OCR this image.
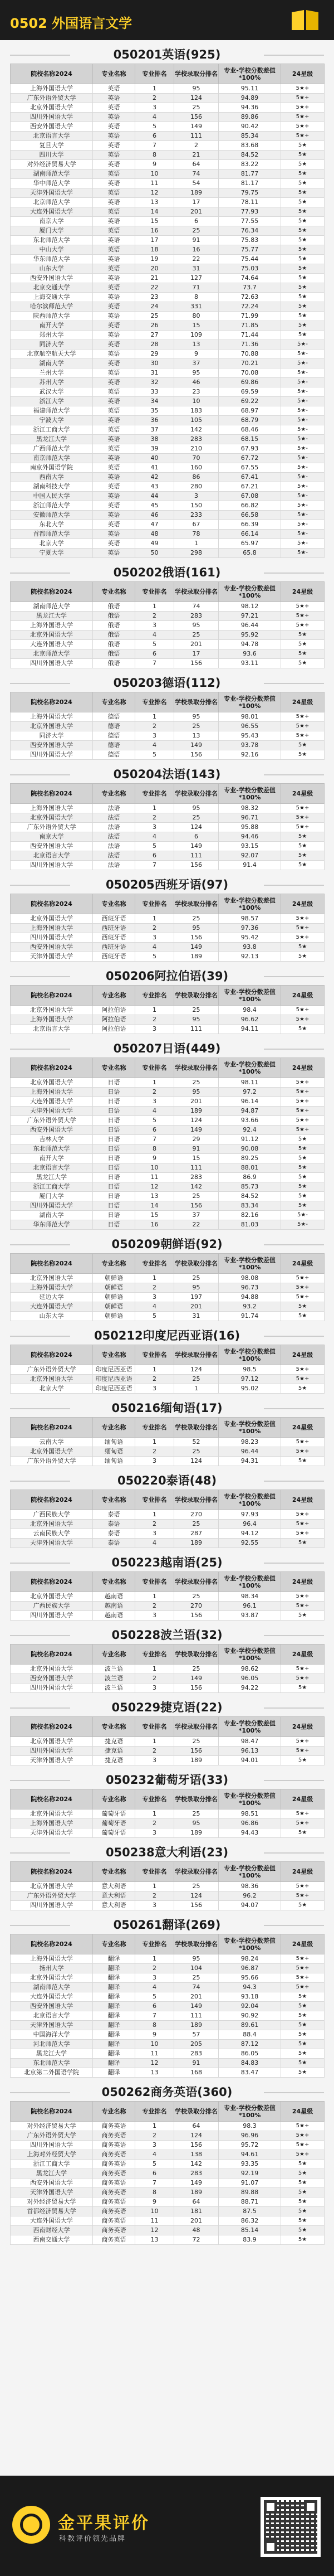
0502 外国语言文学
050201英语(925)
院校名称2024	专业名称	专业排名	学校录取分排名	专业-学校分数差值*100%	24星级
上海外国语大学	英语	1	95	95.11	5★+
广东外语外贸大学	英语	2	124	94.89	5★+
北京外国语大学	英语	3	25	94.36	5★+
四川外国语大学	英语	4	156	89.86	5★+
西安外国语大学	英语	5	149	90.42	5★+
北京语言大学	英语	6	111	85.34	5★+
复旦大学	英语	7	2	83.68	5★
四川大学	英语	8	21	84.52	5★
对外经济贸易大学	英语	9	64	83.22	5★
湖南师范大学	英语	10	74	81.77	5★
华中师范大学	英语	11	54	81.17	5★
天津外国语大学	英语	12	189	79.75	5★
北京师范大学	英语	13	17	78.11	5★
大连外国语大学	英语	14	201	77.93	5★
南京大学	英语	15	6	77.55	5★
厦门大学	英语	16	25	76.34	5★
东北师范大学	英语	17	91	75.83	5★
中山大学	英语	18	16	75.77	5★
华东师范大学	英语	19	22	75.44	5★
山东大学	英语	20	31	75.03	5★
西安外国语大学	英语	21	127	74.64	5★
北京交通大学	英语	22	71	73.7	5★
上海交通大学	英语	23	8	72.63	5★
哈尔滨师范大学	英语	24	331	72.24	5★
陕西师范大学	英语	25	80	71.99	5★
南开大学	英语	26	15	71.85	5★
郑州大学	英语	27	109	71.44	5★
同济大学	英语	28	13	71.36	5★-
北京航空航天大学	英语	29	9	70.88	5★-
湖南大学	英语	30	37	70.21	5★-
兰州大学	英语	31	95	70.08	5★-
苏州大学	英语	32	46	69.86	5★-
武汉大学	英语	33	23	69.59	5★-
浙江大学	英语	34	10	69.22	5★-
福建师范大学	英语	35	183	68.97	5★-
宁波大学	英语	36	105	68.79	5★-
浙江工商大学	英语	37	142	68.46	5★-
黑龙江大学	英语	38	283	68.15	5★-
广西师范大学	英语	39	210	67.93	5★-
南京师范大学	英语	40	70	67.72	5★-
南京外国语学院	英语	41	160	67.55	5★-
西南大学	英语	42	86	67.41	5★-
湖南科技大学	英语	43	280	67.21	5★-
中国人民大学	英语	44	3	67.08	5★-
浙江师范大学	英语	45	150	66.82	5★-
安徽师范大学	英语	46	233	66.58	5★-
东北大学	英语	47	67	66.39	5★-
首都师范大学	英语	48	78	66.14	5★-
北京大学	英语	49	1	65.97	5★-
宁夏大学	英语	50	298	65.8	5★-
050202俄语(161)
院校名称2024	专业名称	专业排名	学校录取分排名	专业-学校分数差值*100%	24星级
湖南师范大学	俄语	1	74	98.12	5★+
黑龙江大学	俄语	2	283	97.21	5★+
上海外国语大学	俄语	3	95	96.44	5★+
北京外国语大学	俄语	4	25	95.92	5★
大连外国语大学	俄语	5	201	94.78	5★
北京师范大学	俄语	6	17	93.6	5★
四川外国语大学	俄语	7	156	93.11	5★
050203德语(112)
院校名称2024	专业名称	专业排名	学校录取分排名	专业-学校分数差值*100%	24星级
上海外国语大学	德语	1	95	98.01	5★+
北京外国语大学	德语	2	25	96.55	5★+
同济大学	德语	3	13	95.43	5★+
西安外国语大学	德语	4	149	93.78	5★
四川外国语大学	德语	5	156	92.16	5★
050204法语(143)
院校名称2024	专业名称	专业排名	学校录取分排名	专业-学校分数差值*100%	24星级
上海外国语大学	法语	1	95	98.32	5★+
北京外国语大学	法语	2	25	96.71	5★+
广东外语外贸大学	法语	3	124	95.88	5★+
南京大学	法语	4	6	94.46	5★
西安外国语大学	法语	5	149	93.15	5★
北京语言大学	法语	6	111	92.07	5★
四川外国语大学	法语	7	156	91.4	5★
050205西班牙语(97)
院校名称2024	专业名称	专业排名	学校录取分排名	专业-学校分数差值*100%	24星级
北京外国语大学	西班牙语	1	25	98.57	5★+
上海外国语大学	西班牙语	2	95	97.36	5★+
四川外国语大学	西班牙语	3	156	95.42	5★+
西安外国语大学	西班牙语	4	149	93.8	5★
天津外国语大学	西班牙语	5	189	92.13	5★
050206阿拉伯语(39)
院校名称2024	专业名称	专业排名	学校录取分排名	专业-学校分数差值*100%	24星级
北京外国语大学	阿拉伯语	1	25	98.4	5★+
上海外国语大学	阿拉伯语	2	95	96.62	5★+
北京语言大学	阿拉伯语	3	111	94.11	5★
050207日语(449)
院校名称2024	专业名称	专业排名	学校录取分排名	专业-学校分数差值*100%	24星级
北京外国语大学	日语	1	25	98.11	5★+
上海外国语大学	日语	2	95	97.2	5★+
大连外国语大学	日语	3	201	96.14	5★+
天津外国语大学	日语	4	189	94.87	5★+
广东外语外贸大学	日语	5	124	93.66	5★+
西安外国语大学	日语	6	149	92.4	5★+
吉林大学	日语	7	29	91.12	5★
东北师范大学	日语	8	91	90.08	5★
南开大学	日语	9	15	89.25	5★
北京语言大学	日语	10	111	88.01	5★
黑龙江大学	日语	11	283	86.9	5★
浙江工商大学	日语	12	142	85.73	5★
厦门大学	日语	13	25	84.52	5★
四川外国语大学	日语	14	156	83.34	5★
湖南大学	日语	15	37	82.16	5★-
华东师范大学	日语	16	22	81.03	5★-
050209朝鲜语(92)
院校名称2024	专业名称	专业排名	学校录取分排名	专业-学校分数差值*100%	24星级
北京外国语大学	朝鲜语	1	25	98.08	5★+
上海外国语大学	朝鲜语	2	95	96.73	5★+
延边大学	朝鲜语	3	197	94.88	5★+
大连外国语大学	朝鲜语	4	201	93.2	5★
山东大学	朝鲜语	5	31	91.74	5★
050212印度尼西亚语(16)
院校名称2024	专业名称	专业排名	学校录取分排名	专业-学校分数差值*100%	24星级
广东外语外贸大学	印度尼西亚语	1	124	98.5	5★+
北京外国语大学	印度尼西亚语	2	25	97.12	5★+
北京大学	印度尼西亚语	3	1	95.02	5★
050216缅甸语(17)
院校名称2024	专业名称	专业排名	学校录取分排名	专业-学校分数差值*100%	24星级
云南大学	缅甸语	1	52	98.23	5★+
北京外国语大学	缅甸语	2	25	96.44	5★+
广东外语外贸大学	缅甸语	3	124	94.31	5★
050220泰语(48)
院校名称2024	专业名称	专业排名	学校录取分排名	专业-学校分数差值*100%	24星级
广西民族大学	泰语	1	270	97.93	5★+
北京外国语大学	泰语	2	25	96.4	5★+
云南民族大学	泰语	3	287	94.12	5★+
天津外国语大学	泰语	4	189	92.55	5★
050223越南语(25)
院校名称2024	专业名称	专业排名	学校录取分排名	专业-学校分数差值*100%	24星级
北京外国语大学	越南语	1	25	98.34	5★+
广西民族大学	越南语	2	270	96.1	5★+
四川外国语大学	越南语	3	156	93.87	5★
050228波兰语(32)
院校名称2024	专业名称	专业排名	学校录取分排名	专业-学校分数差值*100%	24星级
北京外国语大学	波兰语	1	25	98.62	5★+
西安外国语大学	波兰语	2	149	96.05	5★+
四川外国语大学	波兰语	3	156	94.22	5★
050229捷克语(22)
院校名称2024	专业名称	专业排名	学校录取分排名	专业-学校分数差值*100%	24星级
北京外国语大学	捷克语	1	25	98.47	5★+
四川外国语大学	捷克语	2	156	96.13	5★+
天津外国语大学	捷克语	3	189	94.01	5★
050232葡萄牙语(33)
院校名称2024	专业名称	专业排名	学校录取分排名	专业-学校分数差值*100%	24星级
北京外国语大学	葡萄牙语	1	25	98.51	5★+
上海外国语大学	葡萄牙语	2	95	96.86	5★+
天津外国语大学	葡萄牙语	3	189	94.43	5★
050238意大利语(23)
院校名称2024	专业名称	专业排名	学校录取分排名	专业-学校分数差值*100%	24星级
北京外国语大学	意大利语	1	25	98.36	5★+
广东外语外贸大学	意大利语	2	124	96.2	5★+
四川外国语大学	意大利语	3	156	94.07	5★
050261翻译(269)
院校名称2024	专业名称	专业排名	学校录取分排名	专业-学校分数差值*100%	24星级
上海外国语大学	翻译	1	95	98.24	5★+
扬州大学	翻译	2	104	96.87	5★+
北京外国语大学	翻译	3	25	95.66	5★+
湖南师范大学	翻译	4	74	94.3	5★+
大连外国语大学	翻译	5	201	93.18	5★
西安外国语大学	翻译	6	149	92.04	5★
北京语言大学	翻译	7	111	90.92	5★
天津外国语大学	翻译	8	189	89.61	5★
中国海洋大学	翻译	9	57	88.4	5★
河北师范大学	翻译	10	205	87.12	5★
黑龙江大学	翻译	11	283	86.05	5★
东北师范大学	翻译	12	91	84.83	5★
北京第二外国语学院	翻译	13	168	83.47	5★
050262商务英语(360)
院校名称2024	专业名称	专业排名	学校录取分排名	专业-学校分数差值*100%	24星级
对外经济贸易大学	商务英语	1	64	98.3	5★+
广东外语外贸大学	商务英语	2	124	96.96	5★+
四川外国语大学	商务英语	3	156	95.72	5★+
上海对外经贸大学	商务英语	4	138	94.61	5★+
浙江工商大学	商务英语	5	142	93.35	5★
黑龙江大学	商务英语	6	283	92.19	5★
西安外国语大学	商务英语	7	149	91.07	5★
天津外国语大学	商务英语	8	189	89.88	5★
对外经济贸易大学	商务英语	9	64	88.71	5★
首都经济贸易大学	商务英语	10	181	87.5	5★
大连外国语大学	商务英语	11	201	86.32	5★
西南财经大学	商务英语	12	48	85.14	5★
西南交通大学	商务英语	13	72	83.9	5★
金平果评价
科教评价领先品牌
